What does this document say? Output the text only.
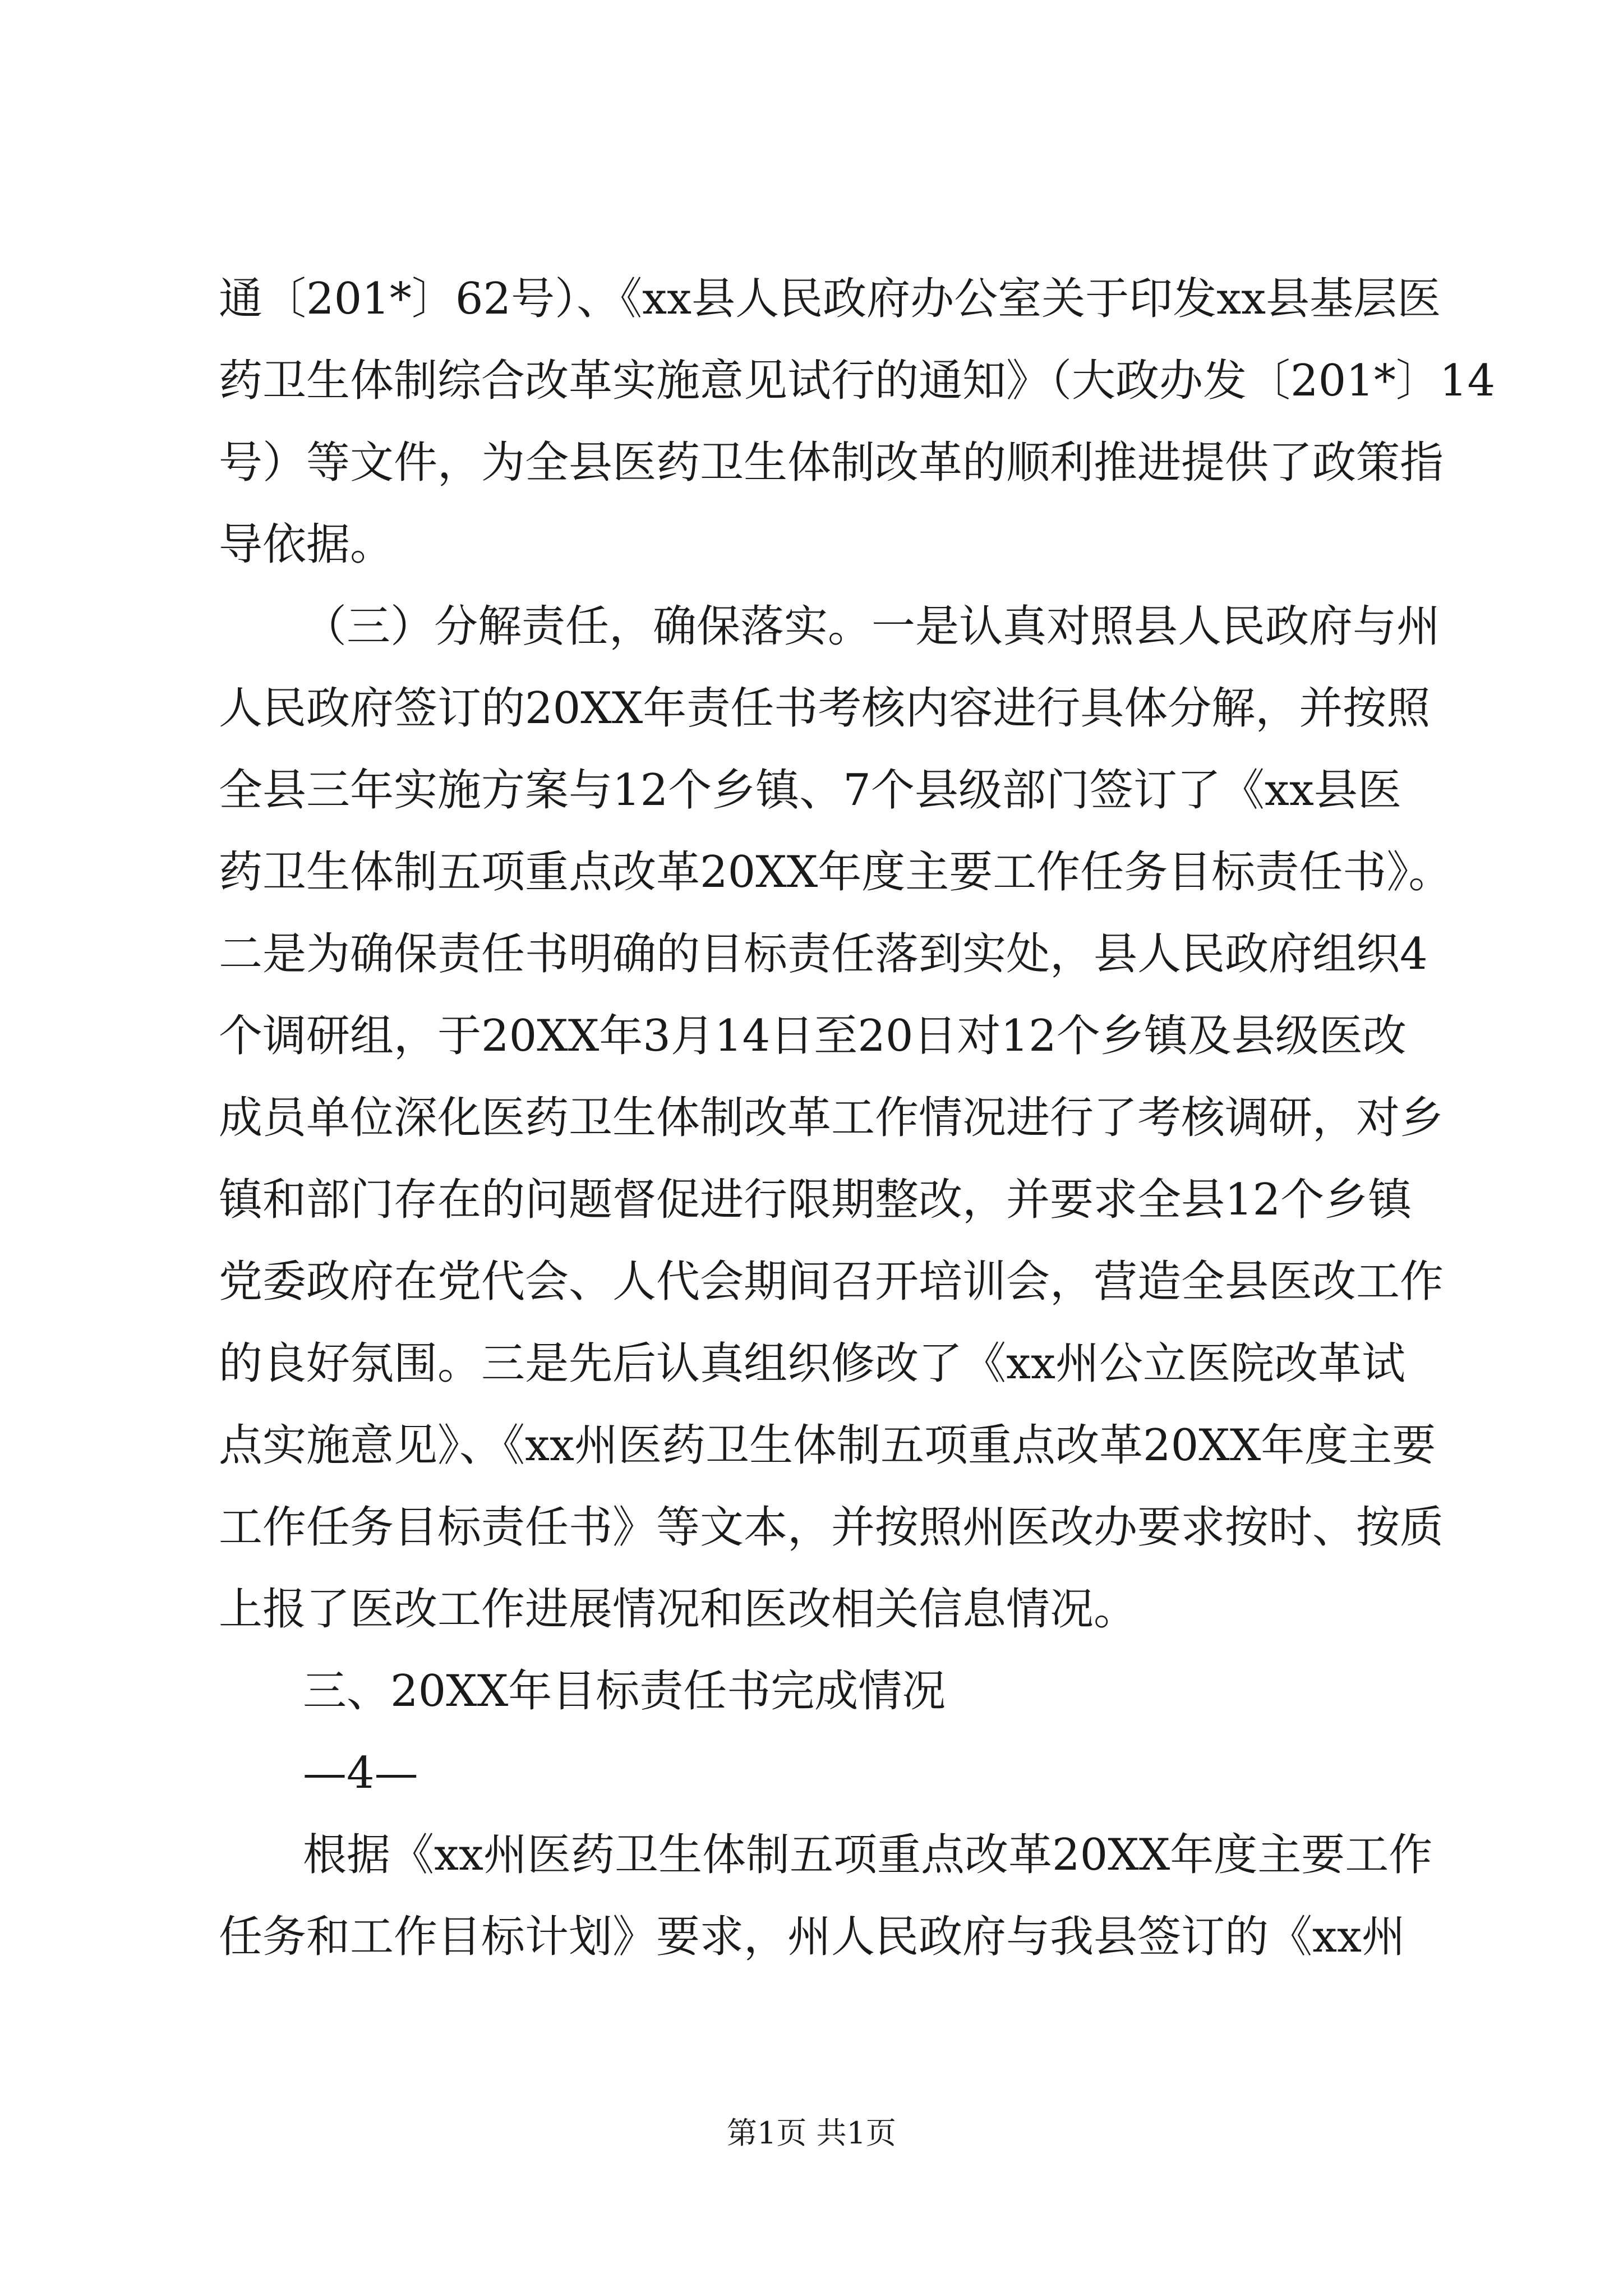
通〔201*〕62号）、《xx县人民政府办公室关于印发xx县基层医
药卫生体制综合改革实施意见试行的通知》（大政办发〔201*〕14
号）等文件，为全县医药卫生体制改革的顺利推进提供了政策指
导依据。
（三）分解责任，确保落实。一是认真对照县人民政府与州
人民政府签订的20XX年责任书考核内容进行具体分解，并按照
全县三年实施方案与12个乡镇、7个县级部门签订了《xx县医
药卫生体制五项重点改革20XX年度主要工作任务目标责任书》。
二是为确保责任书明确的目标责任落到实处，县人民政府组织4
个调研组，于20XX年3月14日至20日对12个乡镇及县级医改
成员单位深化医药卫生体制改革工作情况进行了考核调研，对乡
镇和部门存在的问题督促进行限期整改，并要求全县12个乡镇
党委政府在党代会、人代会期间召开培训会，营造全县医改工作
的良好氛围。三是先后认真组织修改了《xx州公立医院改革试
点实施意见》、《xx州医药卫生体制五项重点改革20XX年度主要
工作任务目标责任书》等文本，并按照州医改办要求按时、按质
上报了医改工作进展情况和医改相关信息情况。
三、20XX年目标责任书完成情况
—4—
根据《xx州医药卫生体制五项重点改革20XX年度主要工作
任务和工作目标计划》要求，州人民政府与我县签订的《xx州
第1页 共1页
